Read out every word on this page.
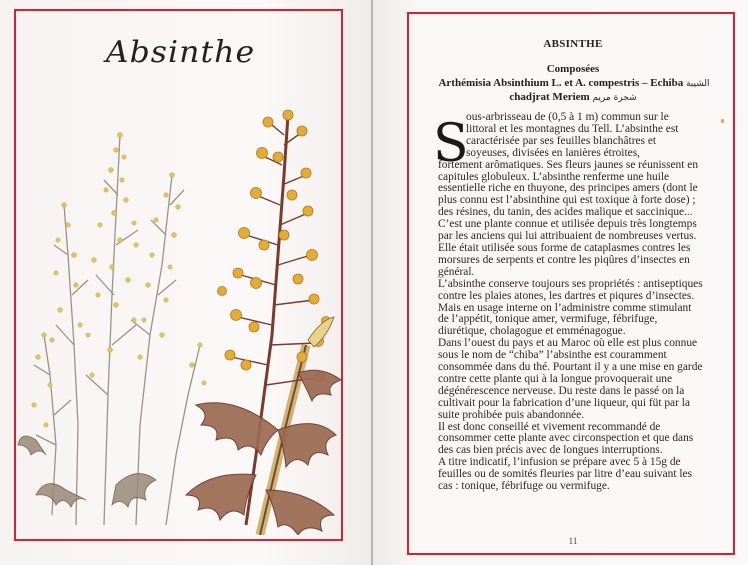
Absinthe	ABSINTHE
Composées
Arthémisia Absinthium L. et A. compestris – Echiba الشيبة
chadjrat Meriem شجرة مريم
S
ous-arbrisseau de (0,5 à 1 m) commun sur le
littoral et les montagnes du Tell. L’absinthe est
caractérisée par ses feuilles blanchâtres et
soyeuses, divisées en lanières étroites,
fortement arômatiques. Ses fleurs jaunes se réunissent en
capitules globuleux. L’absinthe renferme une huile
essentielle riche en thuyone, des principes amers (dont le
plus connu est l’absinthine qui est toxique à forte dose) ;
des résines, du tanin, des acides malique et saccinique...
C’est une plante connue et utilisée depuis très longtemps
par les anciens qui lui attribuaient de nombreuses vertus.
Elle était utilisée sous forme de cataplasmes contres les
morsures de serpents et contre les piqûres d’insectes en
général.
L’absinthe conserve toujours ses propriétés : antiseptiques
contre les plaies atones, les dartres et piqures d’insectes.
Mais en usage interne on l’administre comme stimulant
de l’appétit, tonique amer, vermifuge, fébrifuge,
diurétique, cholagogue et emménagogue.
Dans l’ouest du pays et au Maroc où elle est plus connue
sous le nom de “chiba” l’absinthe est couramment
consommée dans du thé. Pourtant il y a une mise en garde
contre cette plante qui à la longue provoquerait une
dégénérescence nerveuse. Du reste dans le passé on la
cultivait pour la fabrication d’une liqueur, qui füt par la
suite prohibée puis abandonnée.
Il est donc conseillé et vivement recommandé de
consommer cette plante avec circonspection et que dans
des cas bien précis avec de longues interruptions.
A titre indicatif, l’infusion se prépare avec 5 à 15g de
feuilles ou de somités fleuries par litre d’eau suivant les
cas : tonique, fébrifuge ou vermifuge.
11
